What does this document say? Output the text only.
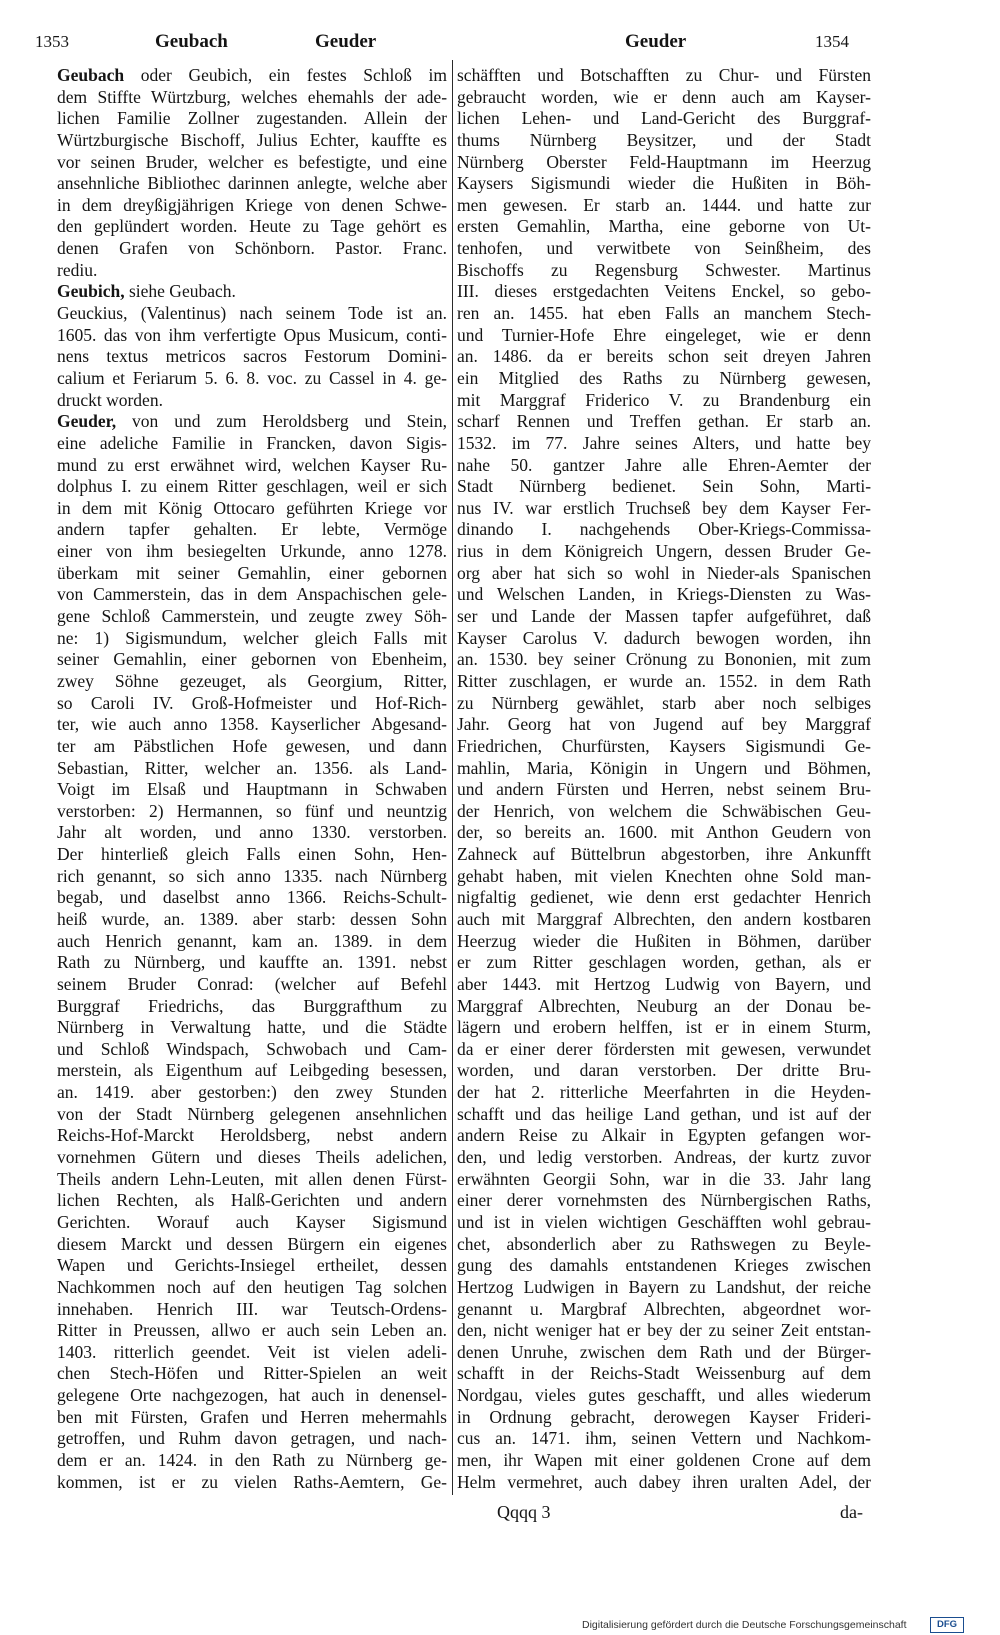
1353	Geubach	Geuder	Geuder	1354
Geubach oder Geubich, ein festes Schloß im
dem Stiffte Würtzburg, welches ehemahls der ade-
lichen Familie Zollner zugestanden. Allein der
Würtzburgische Bischoff, Julius Echter, kauffte es
vor seinen Bruder, welcher es befestigte, und eine
ansehnliche Bibliothec darinnen anlegte, welche aber
in dem dreyßigjährigen Kriege von denen Schwe-
den geplündert worden. Heute zu Tage gehört es
denen Grafen von Schönborn. Pastor. Franc.
rediu.
Geubich, siehe Geubach.
Geuckius, (Valentinus) nach seinem Tode ist an.
1605. das von ihm verfertigte Opus Musicum, conti-
nens textus metricos sacros Festorum Domini-
calium et Feriarum 5. 6. 8. voc. zu Cassel in 4. ge-
druckt worden.
Geuder, von und zum Heroldsberg und Stein,
eine adeliche Familie in Francken, davon Sigis-
mund zu erst erwähnet wird, welchen Kayser Ru-
dolphus I. zu einem Ritter geschlagen, weil er sich
in dem mit König Ottocaro geführten Kriege vor
andern tapfer gehalten. Er lebte, Vermöge
einer von ihm besiegelten Urkunde, anno 1278.
überkam mit seiner Gemahlin, einer gebornen
von Cammerstein, das in dem Anspachischen gele-
gene Schloß Cammerstein, und zeugte zwey Söh-
ne: 1) Sigismundum, welcher gleich Falls mit
seiner Gemahlin, einer gebornen von Ebenheim,
zwey Söhne gezeuget, als Georgium, Ritter,
so Caroli IV. Groß-Hofmeister und Hof-Rich-
ter, wie auch anno 1358. Kayserlicher Abgesand-
ter am Päbstlichen Hofe gewesen, und dann
Sebastian, Ritter, welcher an. 1356. als Land-
Voigt im Elsaß und Hauptmann in Schwaben
verstorben: 2) Hermannen, so fünf und neuntzig
Jahr alt worden, und anno 1330. verstorben.
Der hinterließ gleich Falls einen Sohn, Hen-
rich genannt, so sich anno 1335. nach Nürnberg
begab, und daselbst anno 1366. Reichs-Schult-
heiß wurde, an. 1389. aber starb: dessen Sohn
auch Henrich genannt, kam an. 1389. in dem
Rath zu Nürnberg, und kauffte an. 1391. nebst
seinem Bruder Conrad: (welcher auf Befehl
Burggraf Friedrichs, das Burggrafthum zu
Nürnberg in Verwaltung hatte, und die Städte
und Schloß Windspach, Schwobach und Cam-
merstein, als Eigenthum auf Leibgeding besessen,
an. 1419. aber gestorben:) den zwey Stunden
von der Stadt Nürnberg gelegenen ansehnlichen
Reichs-Hof-Marckt Heroldsberg, nebst andern
vornehmen Gütern und dieses Theils adelichen,
Theils andern Lehn-Leuten, mit allen denen Fürst-
lichen Rechten, als Halß-Gerichten und andern
Gerichten. Worauf auch Kayser Sigismund
diesem Marckt und dessen Bürgern ein eigenes
Wapen und Gerichts-Insiegel ertheilet, dessen
Nachkommen noch auf den heutigen Tag solchen
innehaben. Henrich III. war Teutsch-Ordens-
Ritter in Preussen, allwo er auch sein Leben an.
1403. ritterlich geendet. Veit ist vielen adeli-
chen Stech-Höfen und Ritter-Spielen an weit
gelegene Orte nachgezogen, hat auch in denensel-
ben mit Fürsten, Grafen und Herren mehermahls
getroffen, und Ruhm davon getragen, und nach-
dem er an. 1424. in den Rath zu Nürnberg ge-
kommen, ist er zu vielen Raths-Aemtern, Ge-
schäfften und Botschafften zu Chur- und Fürsten
gebraucht worden, wie er denn auch am Kayser-
lichen Lehen- und Land-Gericht des Burggraf-
thums Nürnberg Beysitzer, und der Stadt
Nürnberg Oberster Feld-Hauptmann im Heerzug
Kaysers Sigismundi wieder die Hußiten in Böh-
men gewesen. Er starb an. 1444. und hatte zur
ersten Gemahlin, Martha, eine geborne von Ut-
tenhofen, und verwitbete von Seinßheim, des
Bischoffs zu Regensburg Schwester. Martinus
III. dieses erstgedachten Veitens Enckel, so gebo-
ren an. 1455. hat eben Falls an manchem Stech-
und Turnier-Hofe Ehre eingeleget, wie er denn
an. 1486. da er bereits schon seit dreyen Jahren
ein Mitglied des Raths zu Nürnberg gewesen,
mit Marggraf Friderico V. zu Brandenburg ein
scharf Rennen und Treffen gethan. Er starb an.
1532. im 77. Jahre seines Alters, und hatte bey
nahe 50. gantzer Jahre alle Ehren-Aemter der
Stadt Nürnberg bedienet. Sein Sohn, Marti-
nus IV. war erstlich Truchseß bey dem Kayser Fer-
dinando I. nachgehends Ober-Kriegs-Commissa-
rius in dem Königreich Ungern, dessen Bruder Ge-
org aber hat sich so wohl in Nieder-als Spanischen
und Welschen Landen, in Kriegs-Diensten zu Was-
ser und Lande der Massen tapfer aufgeführet, daß
Kayser Carolus V. dadurch bewogen worden, ihn
an. 1530. bey seiner Crönung zu Bononien, mit zum
Ritter zuschlagen, er wurde an. 1552. in dem Rath
zu Nürnberg gewählet, starb aber noch selbiges
Jahr. Georg hat von Jugend auf bey Marggraf
Friedrichen, Churfürsten, Kaysers Sigismundi Ge-
mahlin, Maria, Königin in Ungern und Böhmen,
und andern Fürsten und Herren, nebst seinem Bru-
der Henrich, von welchem die Schwäbischen Geu-
der, so bereits an. 1600. mit Anthon Geudern von
Zahneck auf Büttelbrun abgestorben, ihre Ankunfft
gehabt haben, mit vielen Knechten ohne Sold man-
nigfaltig gedienet, wie denn erst gedachter Henrich
auch mit Marggraf Albrechten, den andern kostbaren
Heerzug wieder die Hußiten in Böhmen, darüber
er zum Ritter geschlagen worden, gethan, als er
aber 1443. mit Hertzog Ludwig von Bayern, und
Marggraf Albrechten, Neuburg an der Donau be-
lägern und erobern helffen, ist er in einem Sturm,
da er einer derer fördersten mit gewesen, verwundet
worden, und daran verstorben. Der dritte Bru-
der hat 2. ritterliche Meerfahrten in die Heyden-
schafft und das heilige Land gethan, und ist auf der
andern Reise zu Alkair in Egypten gefangen wor-
den, und ledig verstorben. Andreas, der kurtz zuvor
erwähnten Georgii Sohn, war in die 33. Jahr lang
einer derer vornehmsten des Nürnbergischen Raths,
und ist in vielen wichtigen Geschäfften wohl gebrau-
chet, absonderlich aber zu Rathswegen zu Beyle-
gung des damahls entstandenen Krieges zwischen
Hertzog Ludwigen in Bayern zu Landshut, der reiche
genannt u. Margbraf Albrechten, abgeordnet wor-
den, nicht weniger hat er bey der zu seiner Zeit entstan-
denen Unruhe, zwischen dem Rath und der Bürger-
schafft in der Reichs-Stadt Weissenburg auf dem
Nordgau, vieles gutes geschafft, und alles wiederum
in Ordnung gebracht, derowegen Kayser Frideri-
cus an. 1471. ihm, seinen Vettern und Nachkom-
men, ihr Wapen mit einer goldenen Crone auf dem
Helm vermehret, auch dabey ihren uralten Adel, der
Qqqq 3	da-
Digitalisierung gefördert durch die Deutsche Forschungsgemeinschaft	DFG
